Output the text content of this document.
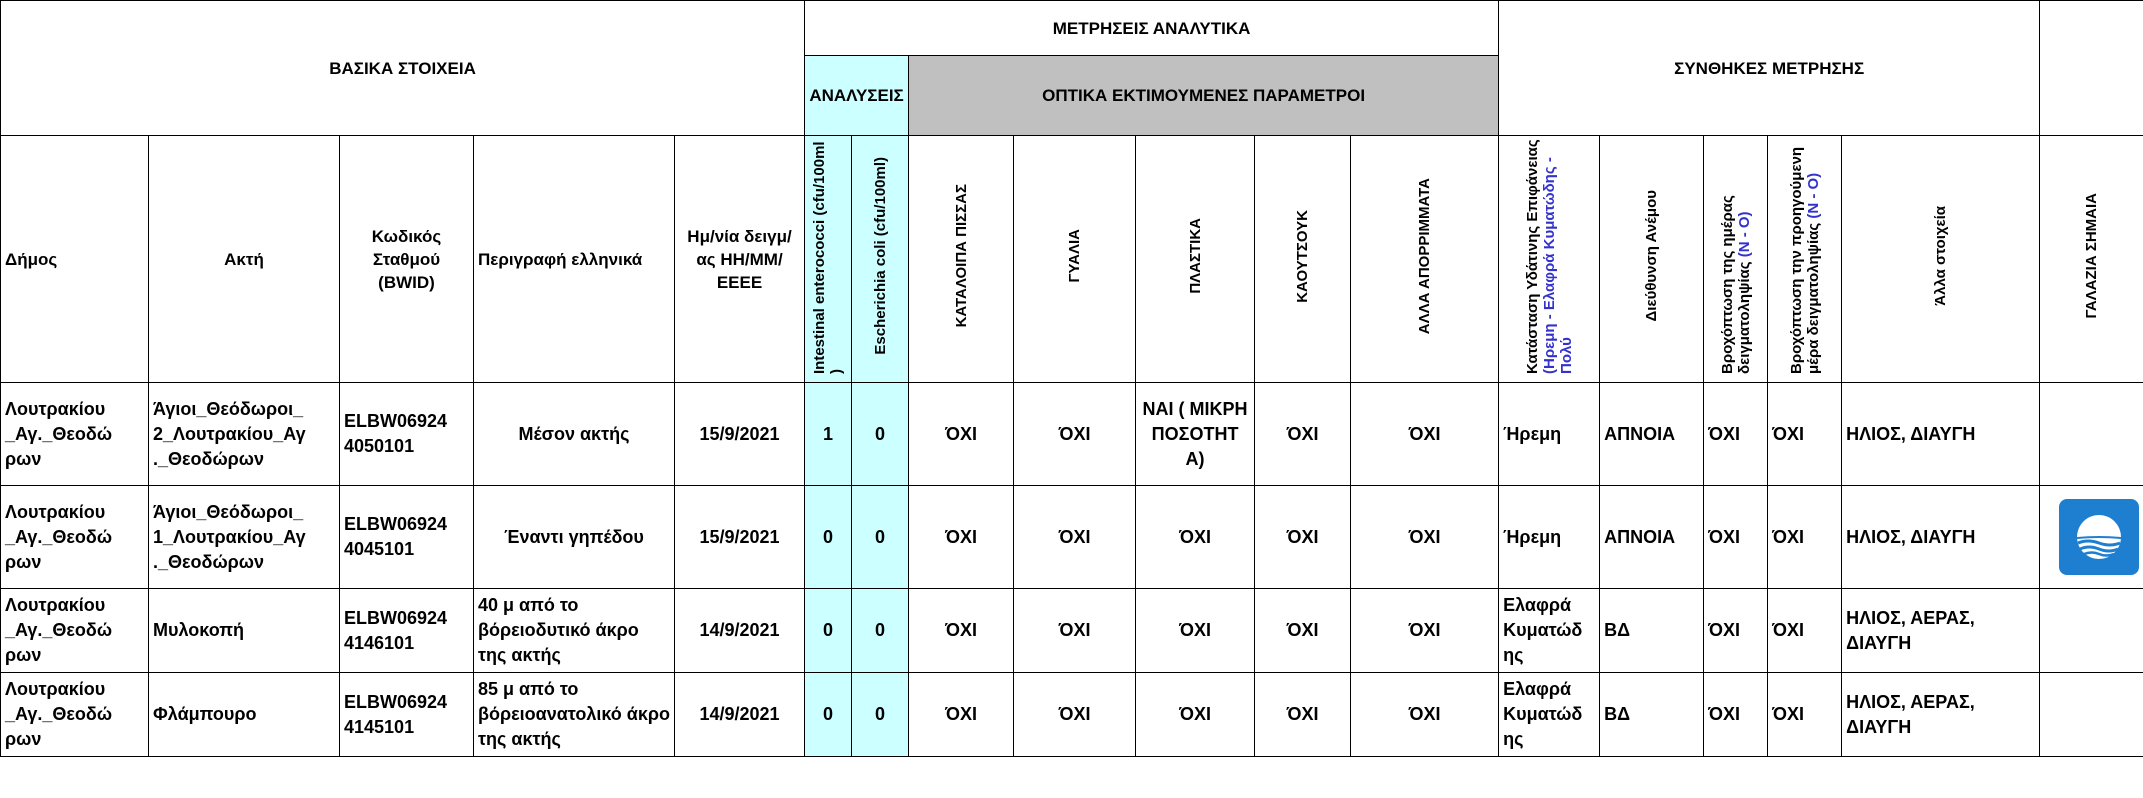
ΒΑΣΙΚΑ ΣΤΟΙΧΕΙΑ					ΜΕΤΡΗΣΕΙΣ ΑΝΑΛΥΤΙΚΑ							ΣΥΝΘΗΚΕΣ ΜΕΤΡΗΣΗΣ					
					ΑΝΑΛΥΣΕΙΣ		ΟΠΤΙΚΑ ΕΚΤΙΜΟΥΜΕΝΕΣ ΠΑΡΑΜΕΤΡΟΙ										
Δήμος	Ακτή	Κωδικός Σταθμού (BWID)	Περιγραφή ελληνικά	Ημ/νία δειγμ/ας ΗΗ/ΜΜ/ΕΕΕΕ	Intestinal enterococci (cfu/100ml )	Escherichia coli (cfu/100ml)	ΚΑΤΑΛΟΙΠΑ ΠΙΣΣΑΣ	ΓΥΑΛΙΑ	ΠΛΑΣΤΙΚΑ	ΚΑΟΥΤΣΟΥΚ	ΑΛΛΑ ΑΠΟΡΡΙΜΜΑΤΑ	Κατάσταση Υδάτινης Επιφάνειας (Ηρεμη - Ελαφρά Κυματώδης - Πολύ	Διεύθυνση Ανέμου	Βροχόπτωση της ημέρας δειγματοληψίας (Ν - Ο)	Βροχόπτωση την προηγούμενη μέρα δειγματοληψίας (Ν - Ο)	Άλλα στοιχεία	ΓΑΛΑΖΙΑ ΣΗΜΑΙΑ
Λουτρακίου _Αγ._Θεοδώ ρων	Άγιοι_Θεόδωροι_ 2_Λουτρακίου_Αγ ._Θεοδώρων	ELBW06924 4050101	Μέσον ακτής	15/9/2021	1	0	ΌΧΙ	ΌΧΙ	ΝΑΙ ( ΜΙΚΡΗ ΠΟΣΟΤΗΤ Α)	ΌΧΙ	ΌΧΙ	Ήρεμη	ΑΠΝΟΙΑ	ΌΧΙ	ΌΧΙ	ΗΛΙΟΣ, ΔΙΑΥΓΗ	
Λουτρακίου _Αγ._Θεοδώ ρων	Άγιοι_Θεόδωροι_ 1_Λουτρακίου_Αγ ._Θεοδώρων	ELBW06924 4045101	Έναντι γηπέδου	15/9/2021	0	0	ΌΧΙ	ΌΧΙ	ΌΧΙ	ΌΧΙ	ΌΧΙ	Ήρεμη	ΑΠΝΟΙΑ	ΌΧΙ	ΌΧΙ	ΗΛΙΟΣ, ΔΙΑΥΓΗ	
Λουτρακίου _Αγ._Θεοδώ ρων	Μυλοκοπή	ELBW06924 4146101	40 μ από το βόρειοδυτικό άκρο της ακτής	14/9/2021	0	0	ΌΧΙ	ΌΧΙ	ΌΧΙ	ΌΧΙ	ΌΧΙ	Ελαφρά Κυματώδ ης	ΒΔ	ΌΧΙ	ΌΧΙ	ΗΛΙΟΣ, ΑΕΡΑΣ, ΔΙΑΥΓΗ	
Λουτρακίου _Αγ._Θεοδώ ρων	Φλάμπουρο	ELBW06924 4145101	85 μ από το βόρειοανατολικό άκρο της ακτής	14/9/2021	0	0	ΌΧΙ	ΌΧΙ	ΌΧΙ	ΌΧΙ	ΌΧΙ	Ελαφρά Κυματώδ ης	ΒΔ	ΌΧΙ	ΌΧΙ	ΗΛΙΟΣ, ΑΕΡΑΣ, ΔΙΑΥΓΗ	
